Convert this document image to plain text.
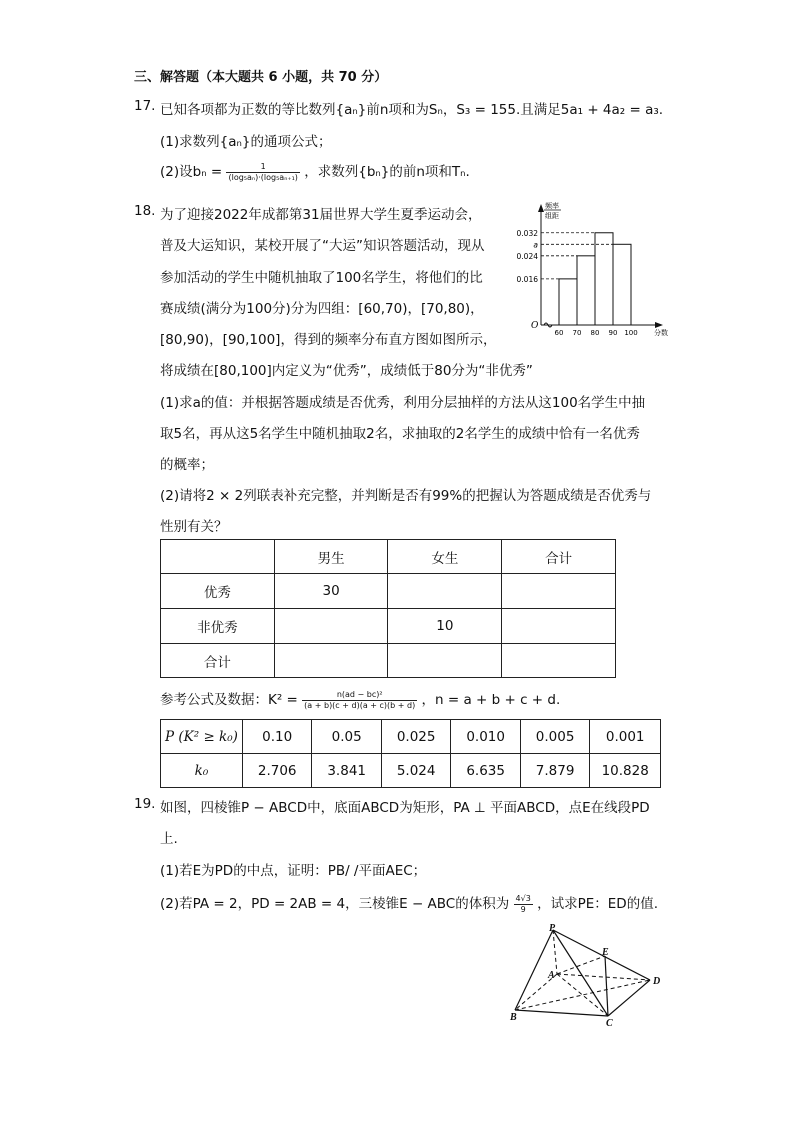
三、解答题（本大题共 6 小题，共 70 分）
17. 已知各项都为正数的等比数列{aₙ}前n项和为Sₙ，S₃ = 155.且满足5a₁ + 4a₂ = a₃.
(1)求数列{aₙ}的通项公式；
(2)设$b_n = \frac{1}{\text{(log₅aₙ)·(log₅aₙ₊₁)}}$ ，求数列{bₙ}的前n项和Tₙ.
18. 为了迎接2022年成都第31届世界大学生夏季运动会，
普及大运知识，某校开展了“大运”知识答题活动，现从
参加活动的学生中随机抽取了100名学生，将他们的比
赛成绩(满分为100分)分为四组：[60,70)，[70,80)，
[80,90)，[90,100]，得到的频率分布直方图如图所示，
将成绩在[80,100]内定义为“优秀”，成绩低于80分为“非优秀”
(1)求a的值：并根据答题成绩是否优秀，利用分层抽样的方法从这100名学生中抽
取5名，再从这5名学生中随机抽取2名，求抽取的2名学生的成绩中恰有一名优秀
的概率；
(2)请将2 × 2列联表补充完整，并判断是否有99%的把握认为答题成绩是否优秀与
性别有关？
频率
组距
O
0.016
0.024
0.032
a
60 70 80 90 100 分数
	男生	女生	合计
优秀	30		
非优秀		10	
合计			
参考公式及数据：$K^2 = \frac{\text{n(ad − bc)²}}{(a + b)(c + d)(a + c)(b + d)}$ ，n = a + b + c + d.
P (K² ≥ k₀)	0.10	0.05	0.025	0.010	0.005	0.001
k₀	2.706	3.841	5.024	6.635	7.879	10.828
19. 如图，四棱锥P − ABCD中，底面ABCD为矩形，PA ⊥ 平面ABCD，点E在线段PD
上.
(1)若E为PD的中点，证明：PB/ /平面AEC；
(2)若PA = 2，PD = 2AB = 4，三棱锥E − ABC的体积为 $\frac{4√3}{9}$ ，试求PE：ED的值.
P
E
A
D
B
C
